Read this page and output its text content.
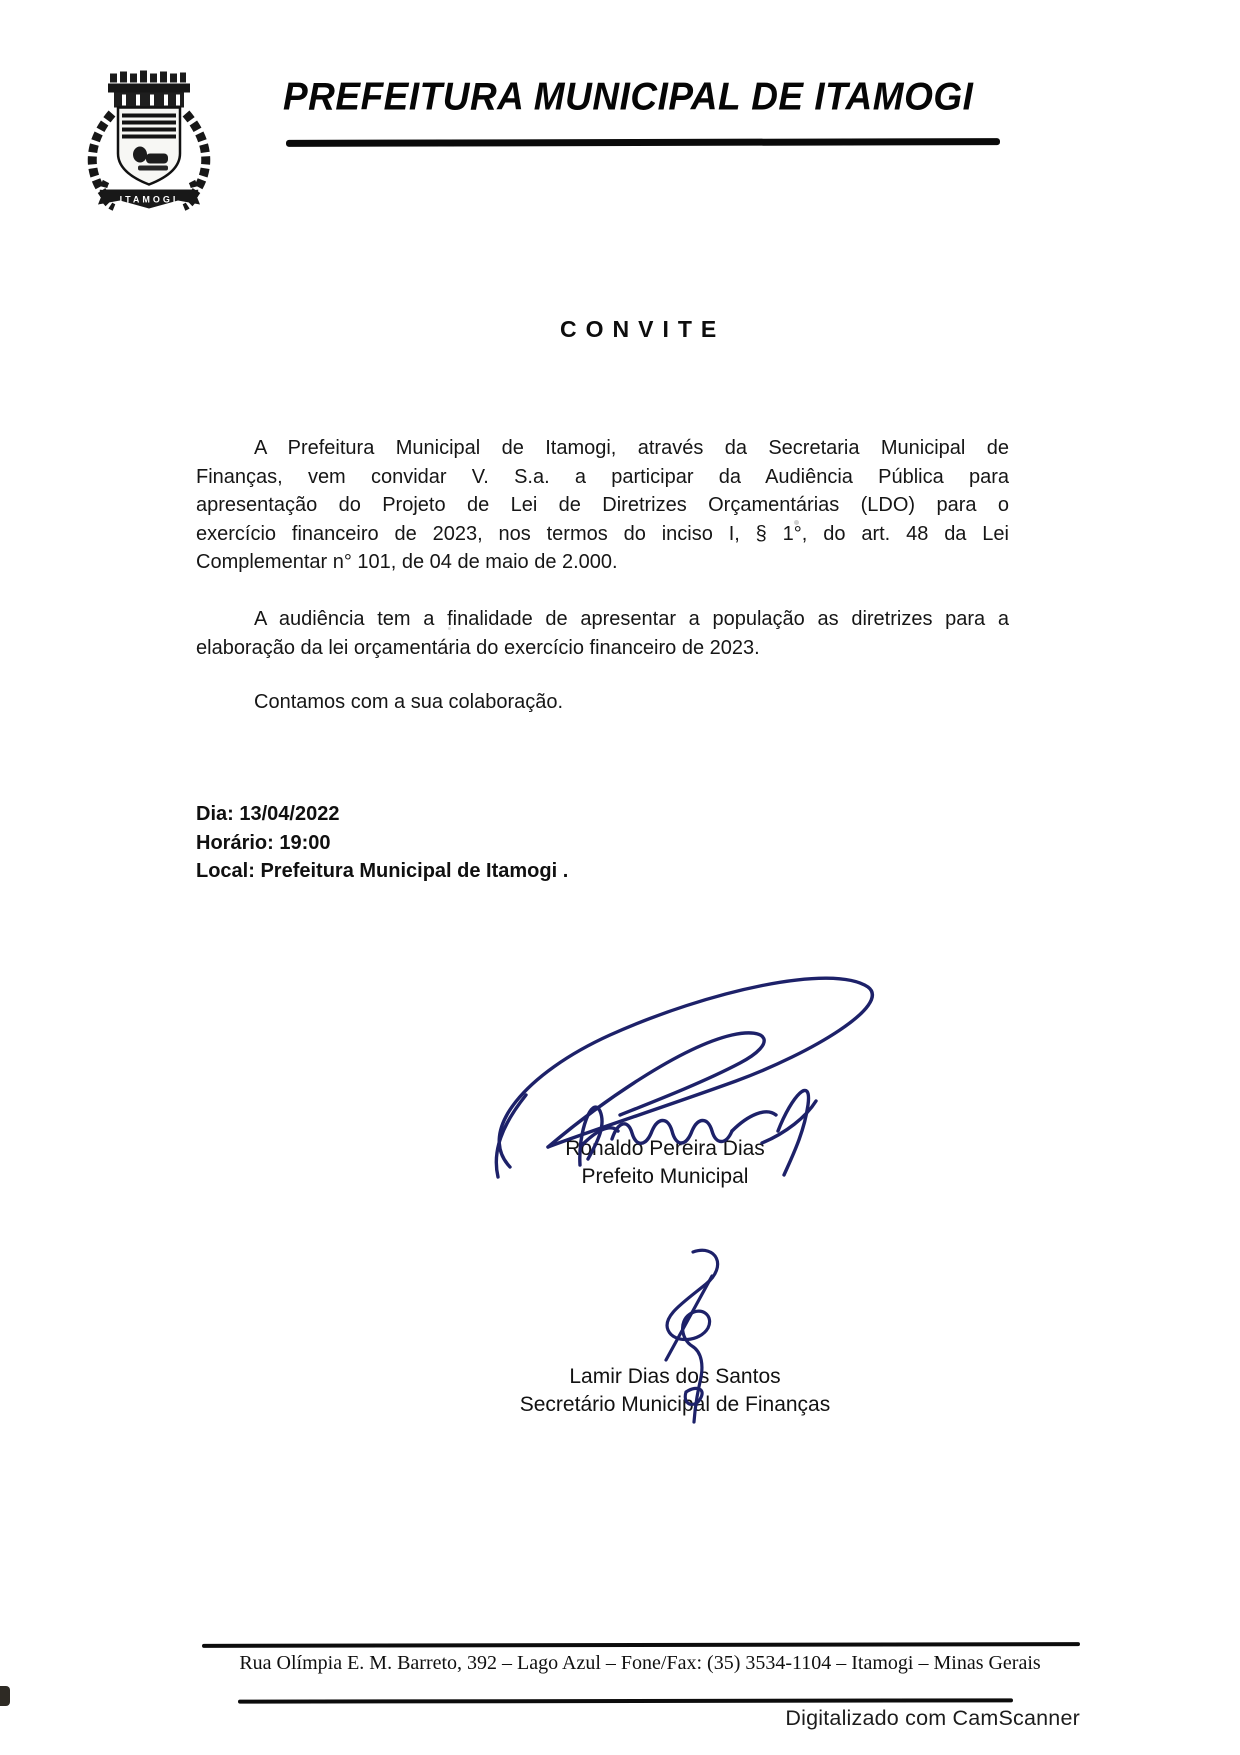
ITAMOGI
PREFEITURA MUNICIPAL DE ITAMOGI
CONVITE
A Prefeitura Municipal de Itamogi, através da Secretaria Municipal de
Finanças, vem convidar V. S.a. a participar da Audiência Pública para
apresentação do Projeto de Lei de Diretrizes Orçamentárias (LDO) para o
exercício financeiro de 2023, nos termos do inciso I, § 1°, do art. 48 da Lei
Complementar n° 101, de 04 de maio de 2.000.
A audiência tem a finalidade de apresentar a população as diretrizes para a
elaboração da lei orçamentária do exercício financeiro de 2023.
Contamos com a sua colaboração.
Dia: 13/04/2022
Horário: 19:00
Local: Prefeitura Municipal de Itamogi .
Ronaldo Pereira Dias
Prefeito Municipal
Lamir Dias dos Santos
Secretário Municipal de Finanças
Rua Olímpia E. M. Barreto, 392 – Lago Azul – Fone/Fax: (35) 3534-1104 – Itamogi – Minas Gerais
Digitalizado com CamScanner
